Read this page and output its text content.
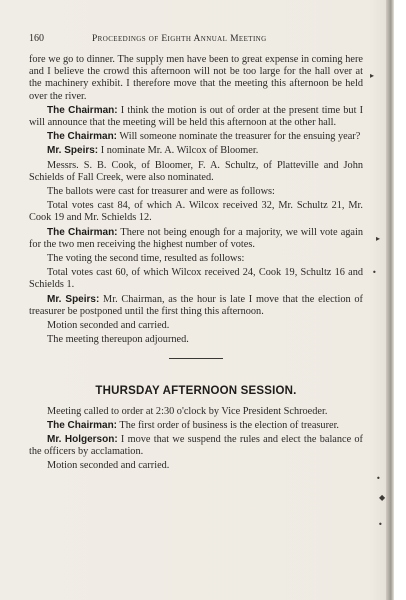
160	Proceedings of Eighth Annual Meeting

fore we go to dinner. The supply men have been to great expense in coming here and I believe the crowd this afternoon will not be too large for the hall over at the machinery exhibit. I therefore move that the meeting this afternoon be held over the river.

The Chairman: I think the motion is out of order at the present time but I will announce that the meeting will be held this afternoon at the other hall.

The Chairman: Will someone nominate the treasurer for the ensuing year?

Mr. Speirs: I nominate Mr. A. Wilcox of Bloomer.

Messrs. S. B. Cook, of Bloomer, F. A. Schultz, of Platteville and John Schields of Fall Creek, were also nominated.

The ballots were cast for treasurer and were as follows:

Total votes cast 84, of which A. Wilcox received 32, Mr. Schultz 21, Mr. Cook 19 and Mr. Schields 12.

The Chairman: There not being enough for a majority, we will vote again for the two men receiving the highest number of votes.

The voting the second time, resulted as follows:

Total votes cast 60, of which Wilcox received 24, Cook 19, Schultz 16 and Schields 1.

Mr. Speirs: Mr. Chairman, as the hour is late I move that the election of treasurer be postponed until the first thing this afternoon.

Motion seconded and carried.

The meeting thereupon adjourned.

THURSDAY AFTERNOON SESSION.

Meeting called to order at 2:30 o'clock by Vice President Schroeder.

The Chairman: The first order of business is the election of treasurer.

Mr. Holgerson: I move that we suspend the rules and elect the balance of the officers by acclamation.

Motion seconded and carried.

▸
▸
•
•
◆
•
